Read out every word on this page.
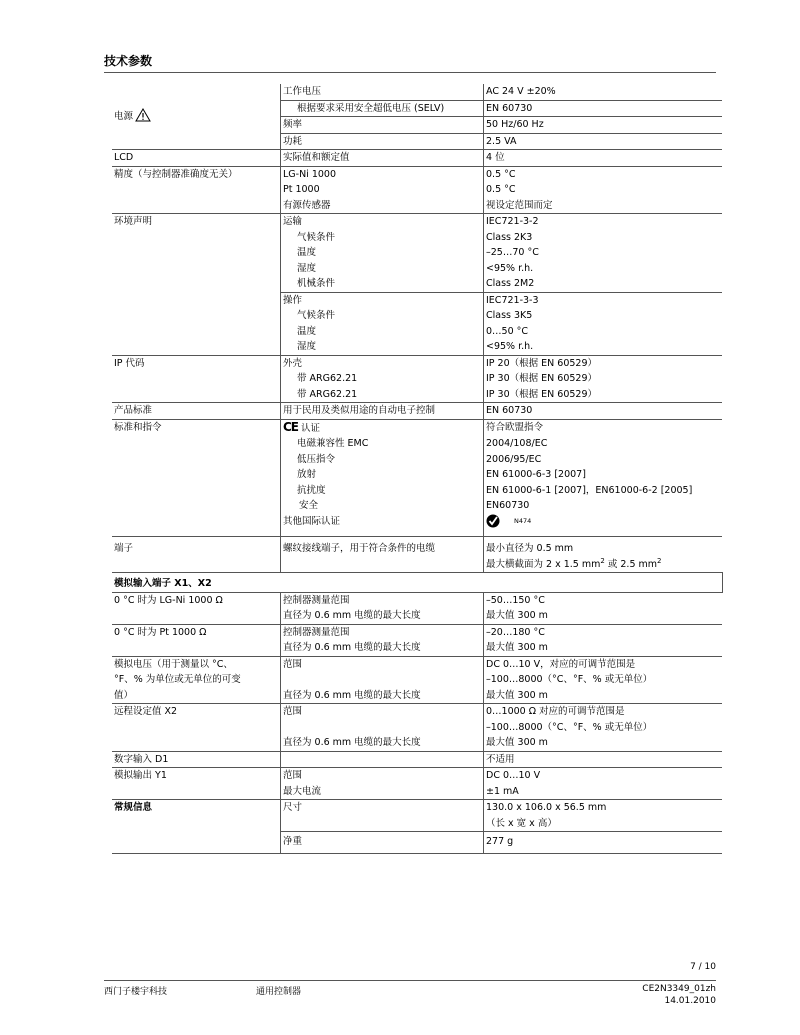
技术参数
电源	工作电压	AC 24 V ±20%
	根据要求采用安全超低电压 (SELV)	EN 60730
	频率	50 Hz/60 Hz
	功耗	2.5 VA
LCD	实际值和额定值	4 位
精度（与控制器准确度无关）	LG-Ni 1000	0.5 °C
	Pt 1000	0.5 °C
	有源传感器	视设定范围而定
环境声明	运输	IEC721-3-2
	气候条件	Class 2K3
	温度	–25…70 °C
	湿度	<95% r.h.
	机械条件	Class 2M2
	操作	IEC721-3-3
	气候条件	Class 3K5
	温度	0…50 °C
	湿度	<95% r.h.
IP 代码	外壳	IP 20（根据 EN 60529）
	带 ARG62.21	IP 30（根据 EN 60529）
	带 ARG62.21	IP 30（根据 EN 60529）
产品标准	用于民用及类似用途的自动电子控制	EN 60730
标准和指令	CE 认证	符合欧盟指令
	电磁兼容性 EMC	2004/108/EC
	低压指令	2006/95/EC
	放射	EN 61000-6-3 [2007]
	抗扰度	EN 61000-6-1 [2007]，EN61000-6-2 [2005]
	安全	EN60730
	其他国际认证	$^{N474}$
端子	螺纹接线端子，用于符合条件的电缆	最小直径为 0.5 mm
		最大横截面为 2 x 1.5 $mm^2$ 或 2.5 $mm^2$
模拟输入端子 X1、X2		
0 °C 时为 LG-Ni 1000 Ω	控制器测量范围	–50…150 °C
	直径为 0.6 mm 电缆的最大长度	最大值 300 m
0 °C 时为 Pt 1000 Ω	控制器测量范围	–20…180 °C
	直径为 0.6 mm 电缆的最大长度	最大值 300 m
模拟电压（用于测量以 °C、	范围	DC 0…10 V，对应的可调节范围是
°F、% 为单位或无单位的可变		–100…8000（°C、°F、% 或无单位）
值）	直径为 0.6 mm 电缆的最大长度	最大值 300 m
远程设定值 X2	范围	0…1000 Ω 对应的可调节范围是
		–100…8000（°C、°F、% 或无单位）
	直径为 0.6 mm 电缆的最大长度	最大值 300 m
数字输入 D1		不适用
模拟输出 Y1	范围	DC 0…10 V
	最大电流	±1 mA
常规信息	尺寸	130.0 x 106.0 x 56.5 mm
		（长 x 宽 x 高）
	净重	277 g
7 / 10
西门子楼宇科技	通用控制器	CE2N3349_01zh
14.01.2010
